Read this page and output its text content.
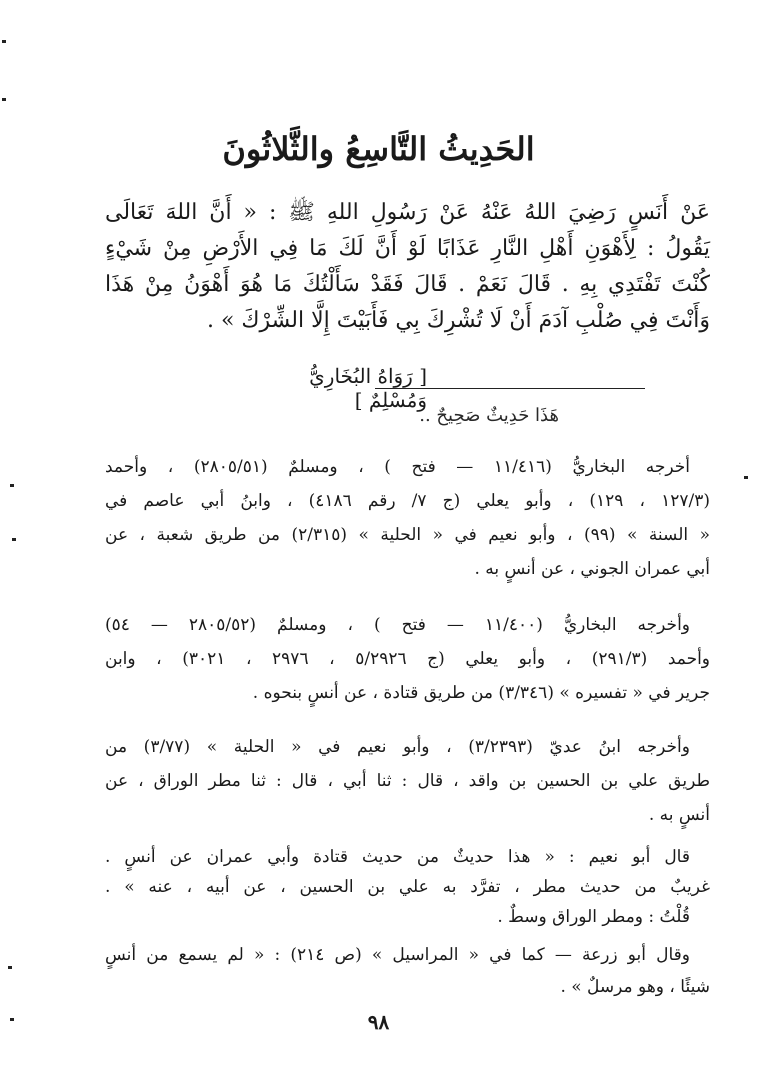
الحَدِيثُ التَّاسِعُ والثَّلاثُونَ
عَنْ أَنَسٍ رَضِيَ اللهُ عَنْهُ عَنْ رَسُولِ اللهِ ﷺ : « أَنَّ اللهَ تَعَالَى
يَقُولُ : لِأَهْوَنِ أَهْلِ النَّارِ عَذَابًا لَوْ أَنَّ لَكَ مَا فِي الأَرْضِ مِنْ شَيْءٍ
كُنْتَ تَفْتَدِي بِهِ . قَالَ نَعَمْ . قَالَ فَقَدْ سَأَلْتُكَ مَا هُوَ أَهْوَنُ مِنْ هَذَا
وَأَنْتَ فِي صُلْبِ آدَمَ أَنْ لَا تُشْرِكَ بِي فَأَبَيْتَ إِلَّا الشِّرْكَ » .
[ رَوَاهُ البُخَارِيُّ وَمُسْلِمٌ ]
هَذَا حَدِيثٌ صَحِيحٌ ..
أخرجه البخاريُّ (١١/٤١٦ — فتح ) ، ومسلمٌ (٢٨٠٥/٥١) ، وأحمد
(١٢٧/٣ ، ١٢٩) ، وأبو يعلي (ج ٧/ رقم ٤١٨٦) ، وابنُ أبي عاصم في
« السنة » (٩٩) ، وأبو نعيم في « الحلية » (٢/٣١٥) من طريق شعبة ، عن
أبي عمران الجوني ، عن أنسٍ به .
وأخرجه البخاريُّ (١١/٤٠٠ — فتح ) ، ومسلمٌ (٢٨٠٥/٥٢ — ٥٤)
وأحمد (٢٩١/٣) ، وأبو يعلي (ج ٥/٢٩٢٦ ، ٢٩٧٦ ، ٣٠٢١) ، وابن
جرير في « تفسيره » (٣/٣٤٦) من طريق قتادة ، عن أنسٍ بنحوه .
وأخرجه ابنُ عديّ (٣/٢٣٩٣) ، وأبو نعيم في « الحلية » (٣/٧٧) من
طريق علي بن الحسين بن واقد ، قال : ثنا أبي ، قال : ثنا مطر الوراق ، عن
أنسٍ به .
قال أبو نعيم : « هذا حديثٌ من حديث قتادة وأبي عمران عن أنسٍ .
غريبٌ من حديث مطر ، تفرَّد به علي بن الحسين ، عن أبيه ، عنه » .
قُلْتُ : ومطر الوراق وسطٌ .
وقال أبو زرعة — كما في « المراسيل » (ص ٢١٤) : « لم يسمع من أنسٍ
شيئًا ، وهو مرسلٌ » .
٩٨
